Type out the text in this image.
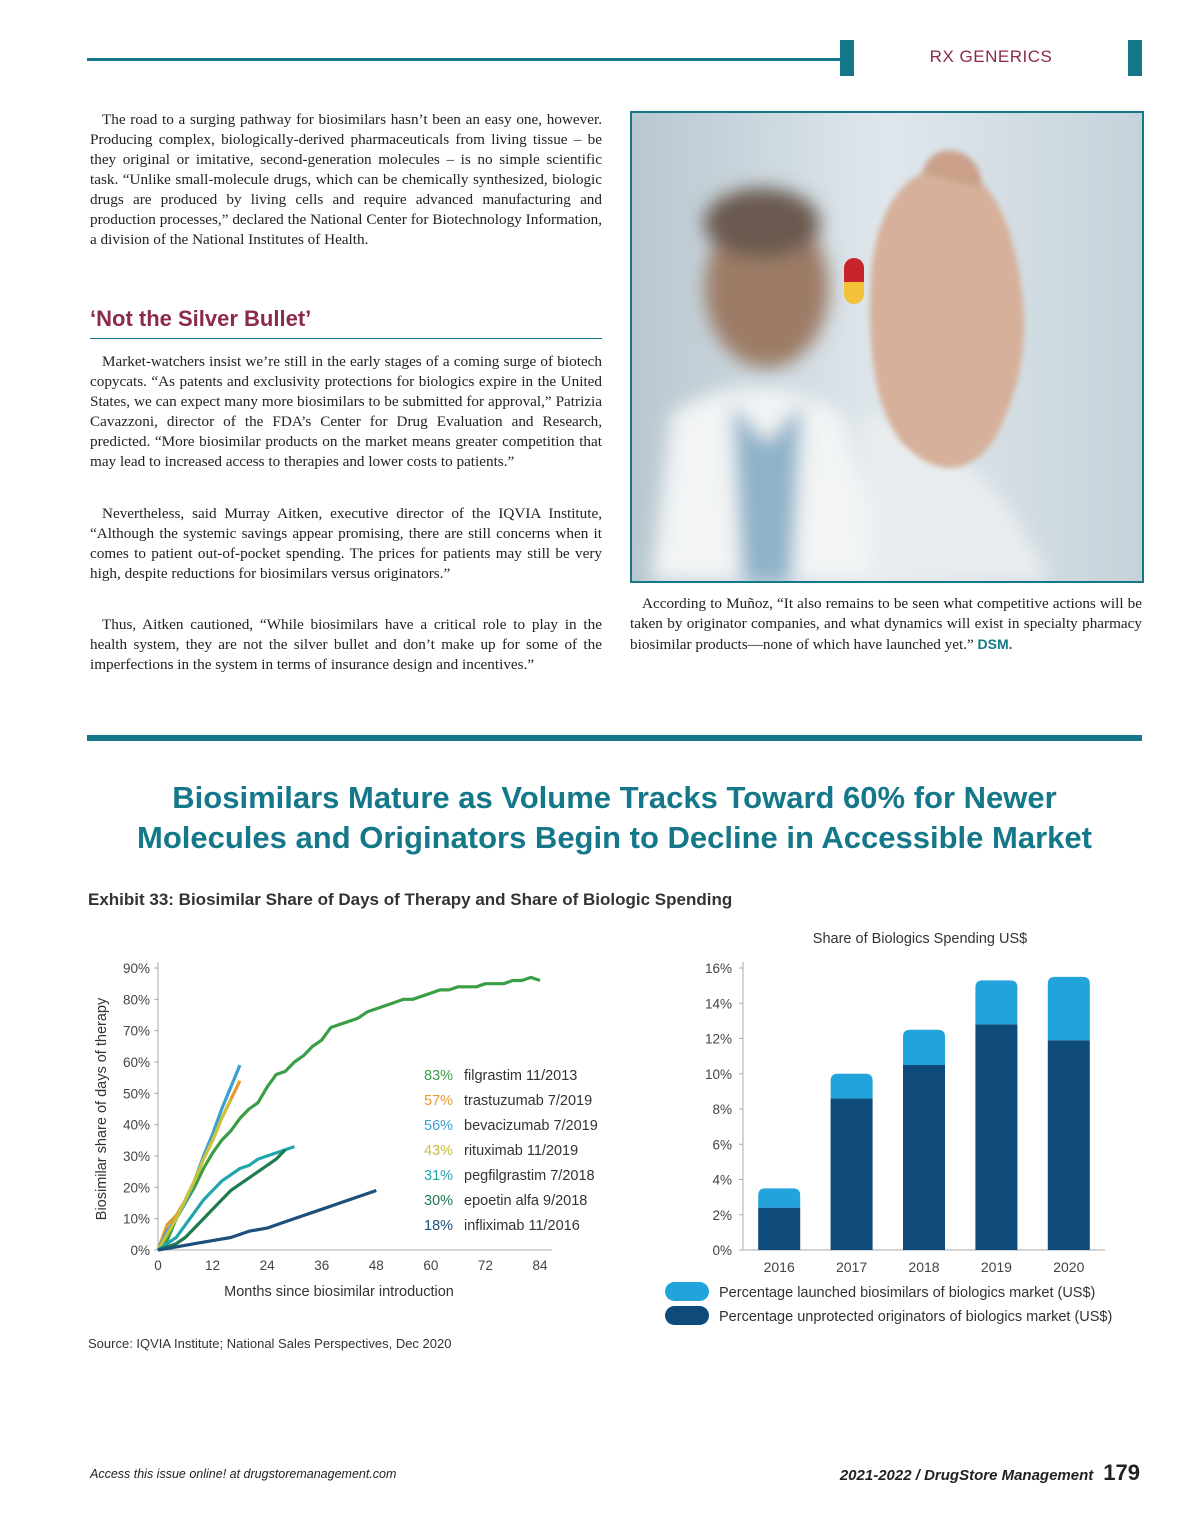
RX GENERICS

The road to a surging pathway for biosimilars hasn’t been an easy one, however. Producing complex, biologically-derived pharmaceuticals from living tissue – be they original or imitative, second-generation molecules – is no simple scientific task. “Unlike small-molecule drugs, which can be chemically synthesized, biologic drugs are produced by living cells and require advanced manufacturing and production processes,” declared the National Center for Biotechnology Information, a division of the National Institutes of Health.

‘Not the Silver Bullet’

Market-watchers insist we’re still in the early stages of a coming surge of biotech copycats. “As patents and exclusivity protections for biologics expire in the United States, we can expect many more biosimilars to be submitted for approval,” Patrizia Cavazzoni, director of the FDA’s Center for Drug Evaluation and Research, predicted. “More biosimilar products on the market means greater competition that may lead to increased access to therapies and lower costs to patients.”

Nevertheless, said Murray Aitken, executive director of the IQVIA Institute, “Although the systemic savings appear promising, there are still concerns when it comes to patient out-of-pocket spending. The prices for patients may still be very high, despite reductions for biosimilars versus originators.”

Thus, Aitken cautioned, “While biosimilars have a critical role to play in the health system, they are not the silver bullet and don’t make up for some of the imperfections in the system in terms of insurance design and incentives.”

According to Muñoz, “It also remains to be seen what competitive actions will be taken by originator companies, and what dynamics will exist in specialty pharmacy biosimilar products—none of which have launched yet.” DSM.

Biosimilars Mature as Volume Tracks Toward 60% for Newer
Molecules and Originators Begin to Decline in Accessible Market
Exhibit 33: Biosimilar Share of Days of Therapy and Share of Biologic Spending
0%
10%
20%
30%
40%
50%
60%
70%
80%
90%
0	12	24	36	48	60	72	84
83% filgrastim 11/2013
57% trastuzumab 7/2019
56% bevacizumab 7/2019
43% rituximab 11/2019
31% pegfilgrastim 7/2018
30% epoetin alfa 9/2018
18% infliximab 11/2016
Months since biosimilar introduction
Biosimilar share of days of therapy
Share of Biologics Spending US$
0%
2%
4%
6%
8%
10%
12%
14%
16%
2016	2017	2018	2019	2020
Percentage launched biosimilars of biologics market (US$)
Percentage unprotected originators of biologics market (US$)
Source: IQVIA Institute; National Sales Perspectives, Dec 2020
Access this issue online! at drugstoremanagement.com	2021-2022 / DrugStore Management 179
